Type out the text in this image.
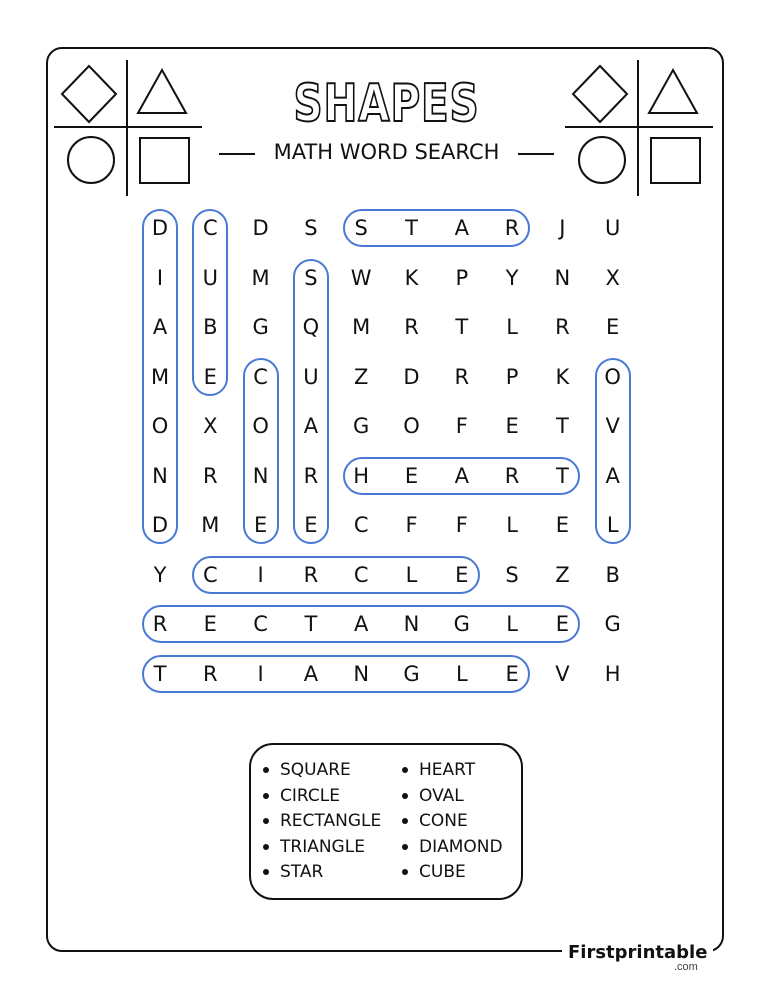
SHAPES
MATH WORD SEARCH
D	C	D	S	S	T	A	R	J	U
I	U	M	S	W	K	P	Y	N	X
A	B	G	Q	M	R	T	L	R	E
M	E	C	U	Z	D	R	P	K	O
O	X	O	A	G	O	F	E	T	V
N	R	N	R	H	E	A	R	T	A
D	M	E	E	C	F	F	L	E	L
Y	C	I	R	C	L	E	S	Z	B
R	E	C	T	A	N	G	L	E	G
T	R	I	A	N	G	L	E	V	H
SQUARE
CIRCLE
RECTANGLE
TRIANGLE
STAR
HEART
OVAL
CONE
DIAMOND
CUBE
Firstprintable
.com
